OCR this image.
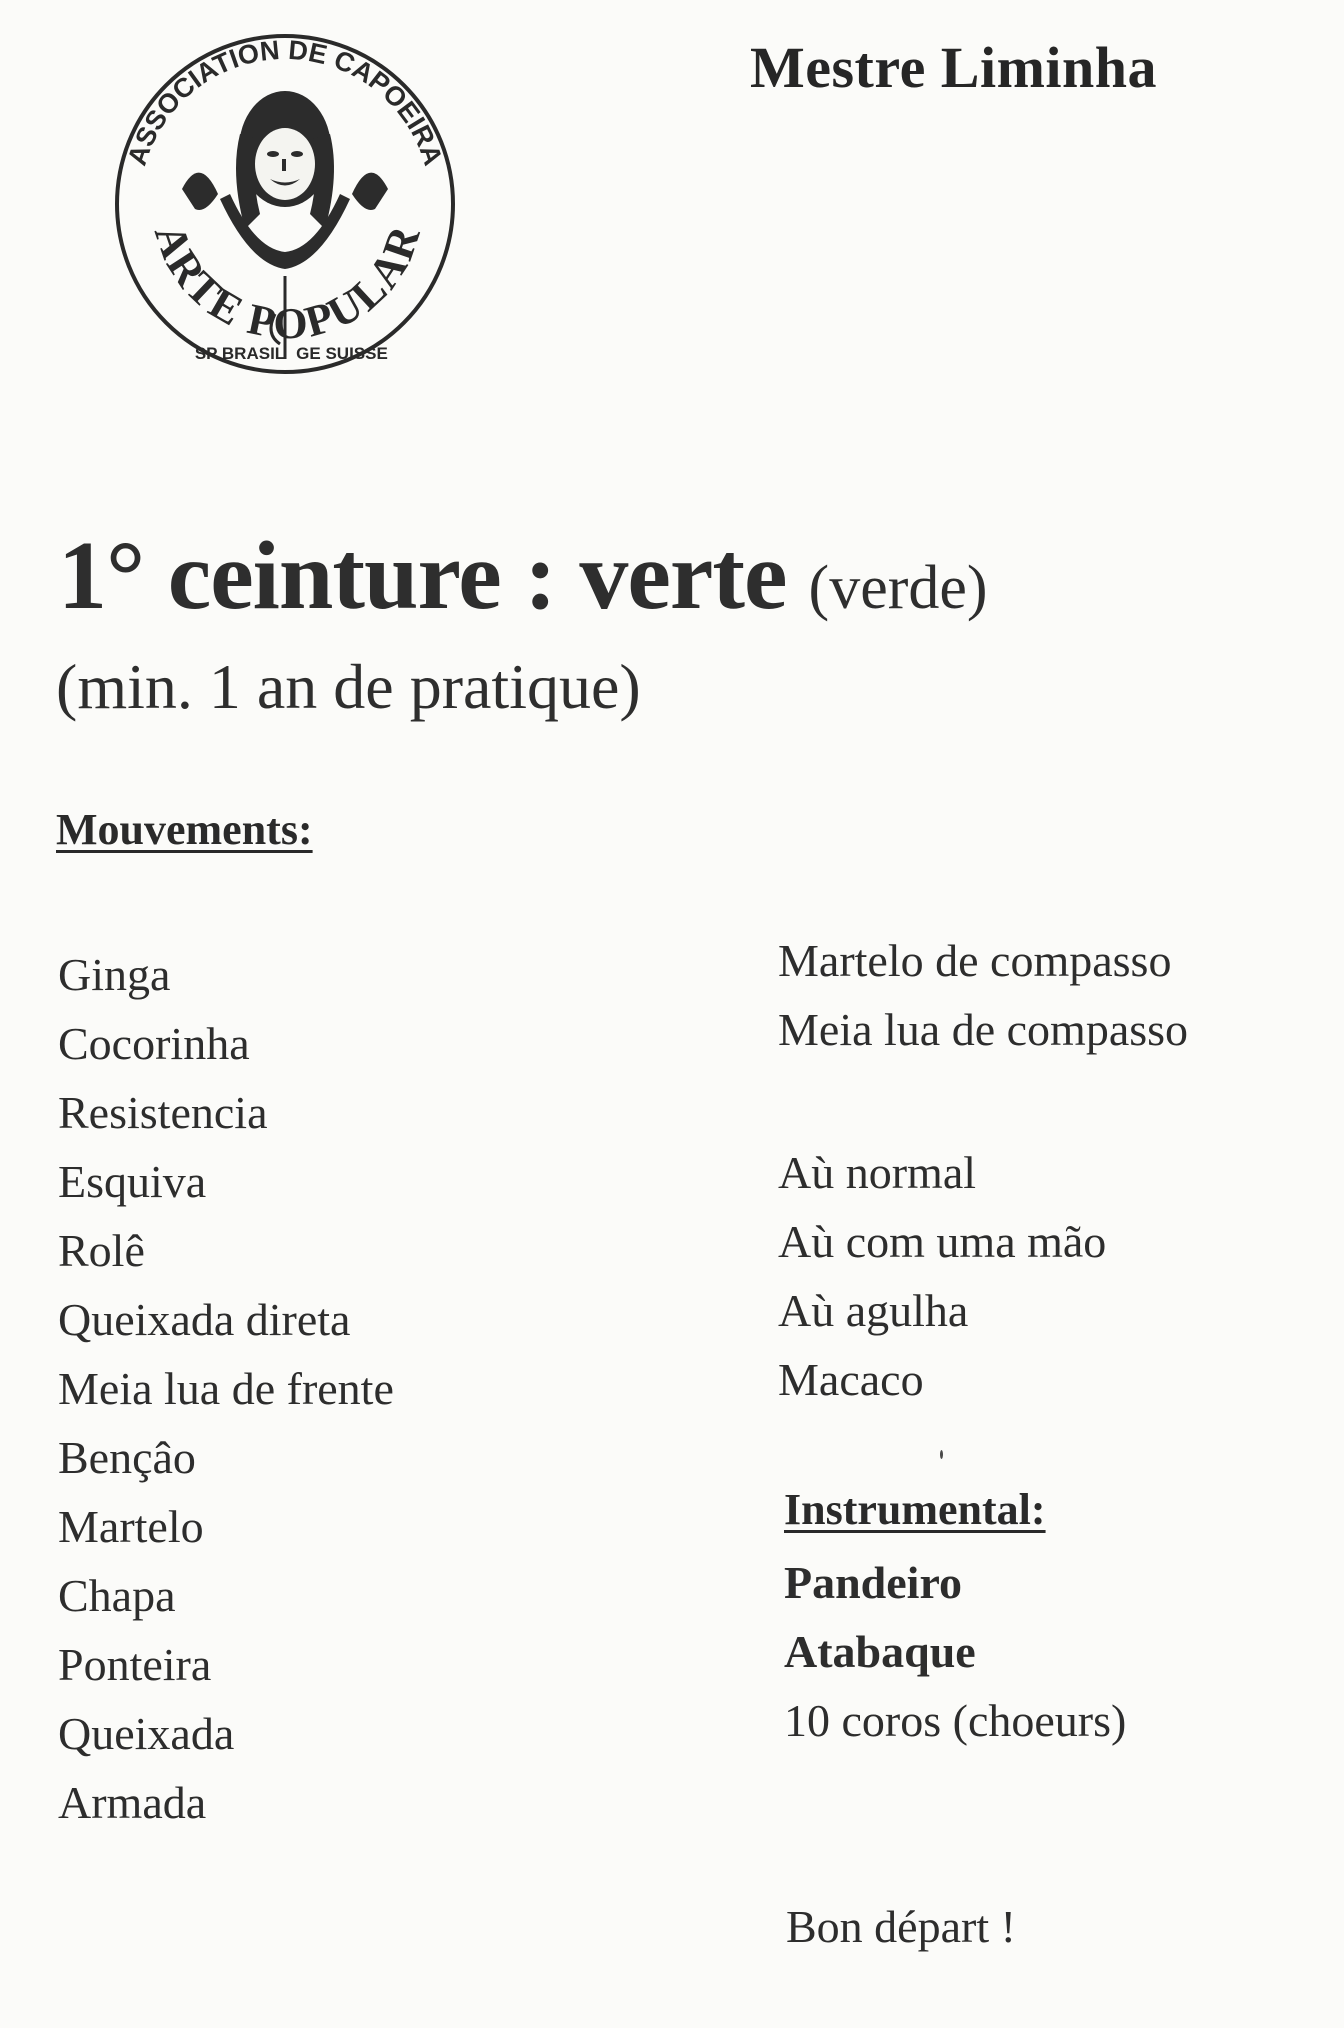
ASSOCIATION DE CAPOEIRA
ARTE POPULAR
SP BRASIL GE SUISSE
Mestre Liminha
1° ceinture : verte (verde)
(min. 1 an de pratique)
Mouvements:
Ginga
Cocorinha
Resistencia
Esquiva
Rolê
Queixada direta
Meia lua de frente
Bençâo
Martelo
Chapa
Ponteira
Queixada
Armada
Martelo de compasso
Meia lua de compasso
Aù normal
Aù com uma mão
Aù agulha
Macaco
Instrumental:
Pandeiro
Atabaque
10 coros (choeurs)
Bon départ !
